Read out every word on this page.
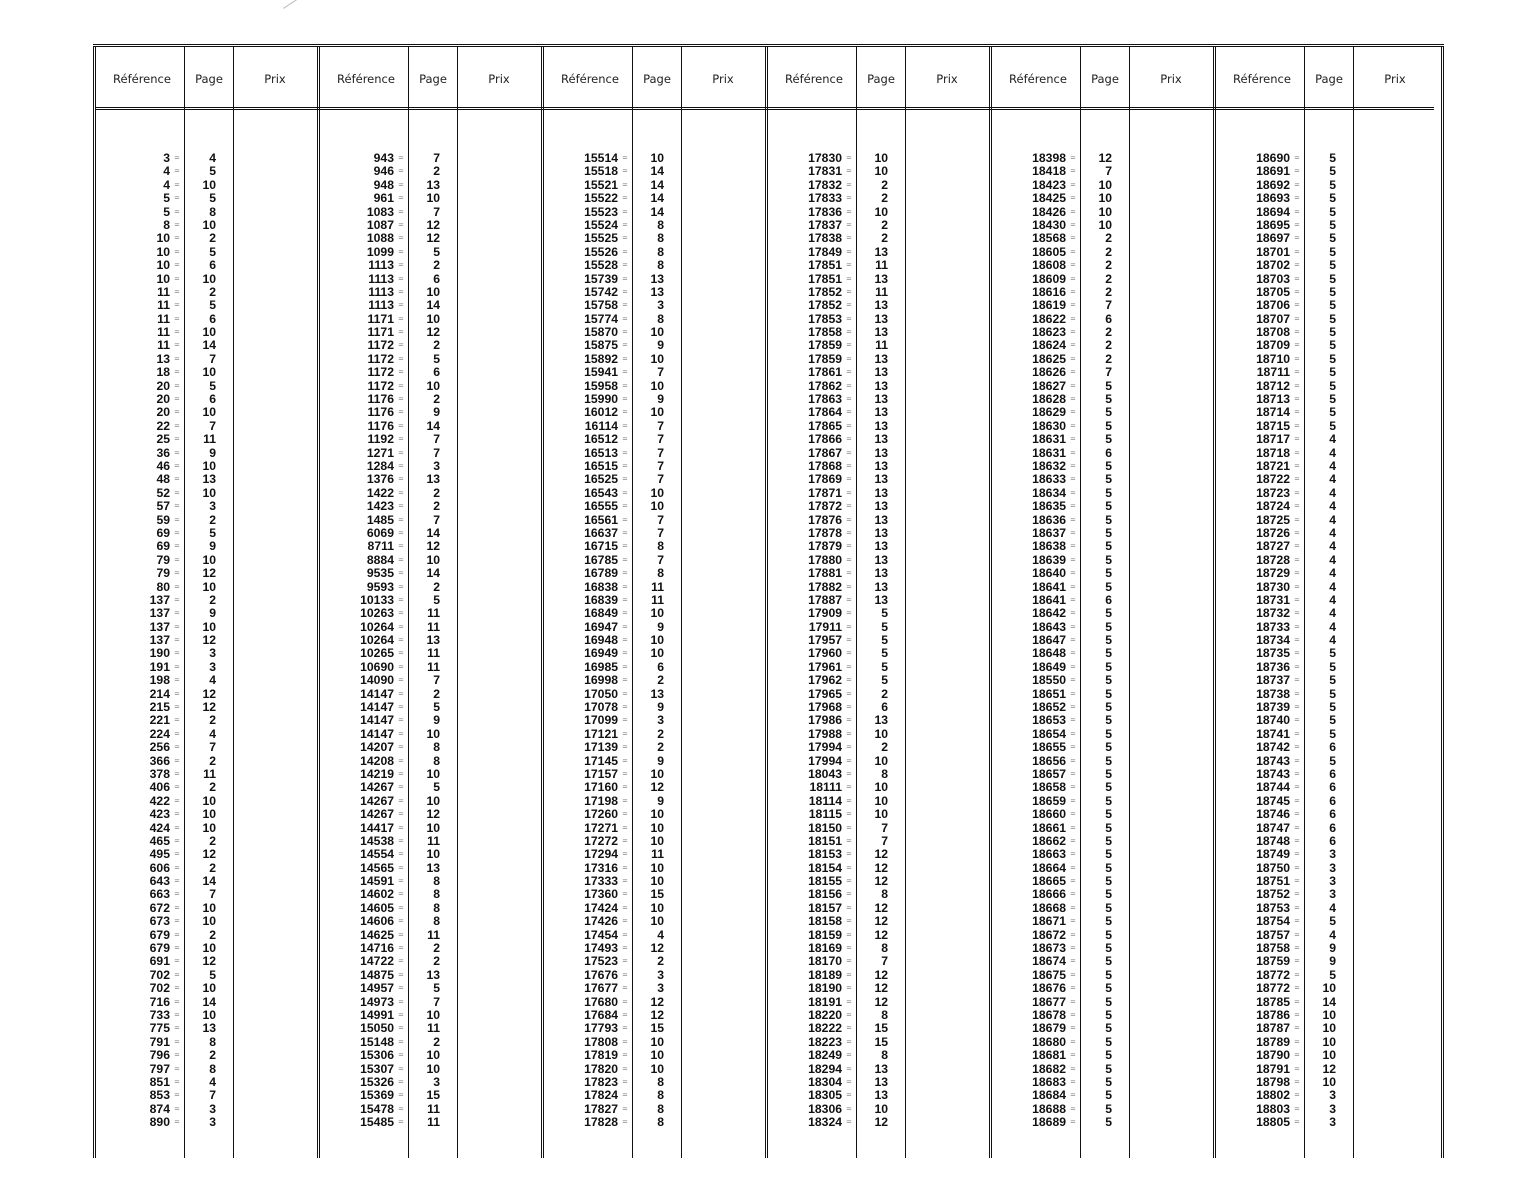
Référence	Page	Prix
3 =	4
4 =	5
4 =	10
5 =	5
5 =	8
8 =	10
10 =	2
10 =	5
10 =	6
10 =	10
11 =	2
11 =	5
11 =	6
11 =	10
11 =	14
13 =	7
18 =	10
20 =	5
20 =	6
20 =	10
22 =	7
25 =	11
36 =	9
46 =	10
48 =	13
52 =	10
57 =	3
59 =	2
69 =	5
69 =	9
79 =	10
79 =	12
80 =	10
137 =	2
137 =	9
137 =	10
137 =	12
190 =	3
191 =	3
198 =	4
214 =	12
215 =	12
221 =	2
224 =	4
256 =	7
366 =	2
378 =	11
406 =	2
422 =	10
423 =	10
424 =	10
465 =	2
495 =	12
606 =	2
643 =	14
663 =	7
672 =	10
673 =	10
679 =	2
679 =	10
691 =	12
702 =	5
702 =	10
716 =	14
733 =	10
775 =	13
791 =	8
796 =	2
797 =	8
851 =	4
853 =	7
874 =	3
890 =	3
Référence	Page	Prix
943 =	7
946 =	2
948 =	13
961 =	10
1083 =	7
1087 =	12
1088 =	12
1099 =	5
1113 =	2
1113 =	6
1113 =	10
1113 =	14
1171 =	10
1171 =	12
1172 =	2
1172 =	5
1172 =	6
1172 =	10
1176 =	2
1176 =	9
1176 =	14
1192 =	7
1271 =	7
1284 =	3
1376 =	13
1422 =	2
1423 =	2
1485 =	7
6069 =	14
8711 =	12
8884 =	10
9535 =	14
9593 =	2
10133 =	5
10263 =	11
10264 =	11
10264 =	13
10265 =	11
10690 =	11
14090 =	7
14147 =	2
14147 =	5
14147 =	9
14147 =	10
14207 =	8
14208 =	8
14219 =	10
14267 =	5
14267 =	10
14267 =	12
14417 =	10
14538 =	11
14554 =	10
14565 =	13
14591 =	8
14602 =	8
14605 =	8
14606 =	8
14625 =	11
14716 =	2
14722 =	2
14875 =	13
14957 =	5
14973 =	7
14991 =	10
15050 =	11
15148 =	2
15306 =	10
15307 =	10
15326 =	3
15369 =	15
15478 =	11
15485 =	11
Référence	Page	Prix
15514 =	10
15518 =	14
15521 =	14
15522 =	14
15523 =	14
15524 =	8
15525 =	8
15526 =	8
15528 =	8
15739 =	13
15742 =	13
15758 =	3
15774 =	8
15870 =	10
15875 =	9
15892 =	10
15941 =	7
15958 =	10
15990 =	9
16012 =	10
16114 =	7
16512 =	7
16513 =	7
16515 =	7
16525 =	7
16543 =	10
16555 =	10
16561 =	7
16637 =	7
16715 =	8
16785 =	7
16789 =	8
16838 =	11
16839 =	11
16849 =	10
16947 =	9
16948 =	10
16949 =	10
16985 =	6
16998 =	2
17050 =	13
17078 =	9
17099 =	3
17121 =	2
17139 =	2
17145 =	9
17157 =	10
17160 =	12
17198 =	9
17260 =	10
17271 =	10
17272 =	10
17294 =	11
17316 =	10
17333 =	10
17360 =	15
17424 =	10
17426 =	10
17454 =	4
17493 =	12
17523 =	2
17676 =	3
17677 =	3
17680 =	12
17684 =	12
17793 =	15
17808 =	10
17819 =	10
17820 =	10
17823 =	8
17824 =	8
17827 =	8
17828 =	8
Référence	Page	Prix
17830 =	10
17831 =	10
17832 =	2
17833 =	2
17836 =	10
17837 =	2
17838 =	2
17849 =	13
17851 =	11
17851 =	13
17852 =	11
17852 =	13
17853 =	13
17858 =	13
17859 =	11
17859 =	13
17861 =	13
17862 =	13
17863 =	13
17864 =	13
17865 =	13
17866 =	13
17867 =	13
17868 =	13
17869 =	13
17871 =	13
17872 =	13
17876 =	13
17878 =	13
17879 =	13
17880 =	13
17881 =	13
17882 =	13
17887 =	13
17909 =	5
17911 =	5
17957 =	5
17960 =	5
17961 =	5
17962 =	5
17965 =	2
17968 =	6
17986 =	13
17988 =	10
17994 =	2
17994 =	10
18043 =	8
18111 =	10
18114 =	10
18115 =	10
18150 =	7
18151 =	7
18153 =	12
18154 =	12
18155 =	12
18156 =	8
18157 =	12
18158 =	12
18159 =	12
18169 =	8
18170 =	7
18189 =	12
18190 =	12
18191 =	12
18220 =	8
18222 =	15
18223 =	15
18249 =	8
18294 =	13
18304 =	13
18305 =	13
18306 =	10
18324 =	12
Référence	Page	Prix
18398 =	12
18418 =	7
18423 =	10
18425 =	10
18426 =	10
18430 =	10
18568 =	2
18605 =	2
18608 =	2
18609 =	2
18616 =	2
18619 =	7
18622 =	6
18623 =	2
18624 =	2
18625 =	2
18626 =	7
18627 =	5
18628 =	5
18629 =	5
18630 =	5
18631 =	5
18631 =	6
18632 =	5
18633 =	5
18634 =	5
18635 =	5
18636 =	5
18637 =	5
18638 =	5
18639 =	5
18640 =	5
18641 =	5
18641 =	6
18642 =	5
18643 =	5
18647 =	5
18648 =	5
18649 =	5
18550 =	5
18651 =	5
18652 =	5
18653 =	5
18654 =	5
18655 =	5
18656 =	5
18657 =	5
18658 =	5
18659 =	5
18660 =	5
18661 =	5
18662 =	5
18663 =	5
18664 =	5
18665 =	5
18666 =	5
18668 =	5
18671 =	5
18672 =	5
18673 =	5
18674 =	5
18675 =	5
18676 =	5
18677 =	5
18678 =	5
18679 =	5
18680 =	5
18681 =	5
18682 =	5
18683 =	5
18684 =	5
18688 =	5
18689 =	5
Référence	Page	Prix
18690 =	5
18691 =	5
18692 =	5
18693 =	5
18694 =	5
18695 =	5
18697 =	5
18701 =	5
18702 =	5
18703 =	5
18705 =	5
18706 =	5
18707 =	5
18708 =	5
18709 =	5
18710 =	5
18711 =	5
18712 =	5
18713 =	5
18714 =	5
18715 =	5
18717 =	4
18718 =	4
18721 =	4
18722 =	4
18723 =	4
18724 =	4
18725 =	4
18726 =	4
18727 =	4
18728 =	4
18729 =	4
18730 =	4
18731 =	4
18732 =	4
18733 =	4
18734 =	4
18735 =	5
18736 =	5
18737 =	5
18738 =	5
18739 =	5
18740 =	5
18741 =	5
18742 =	6
18743 =	5
18743 =	6
18744 =	6
18745 =	6
18746 =	6
18747 =	6
18748 =	6
18749 =	3
18750 =	3
18751 =	3
18752 =	3
18753 =	4
18754 =	5
18757 =	4
18758 =	9
18759 =	9
18772 =	5
18772 =	10
18785 =	14
18786 =	10
18787 =	10
18789 =	10
18790 =	10
18791 =	12
18798 =	10
18802 =	3
18803 =	3
18805 =	3
